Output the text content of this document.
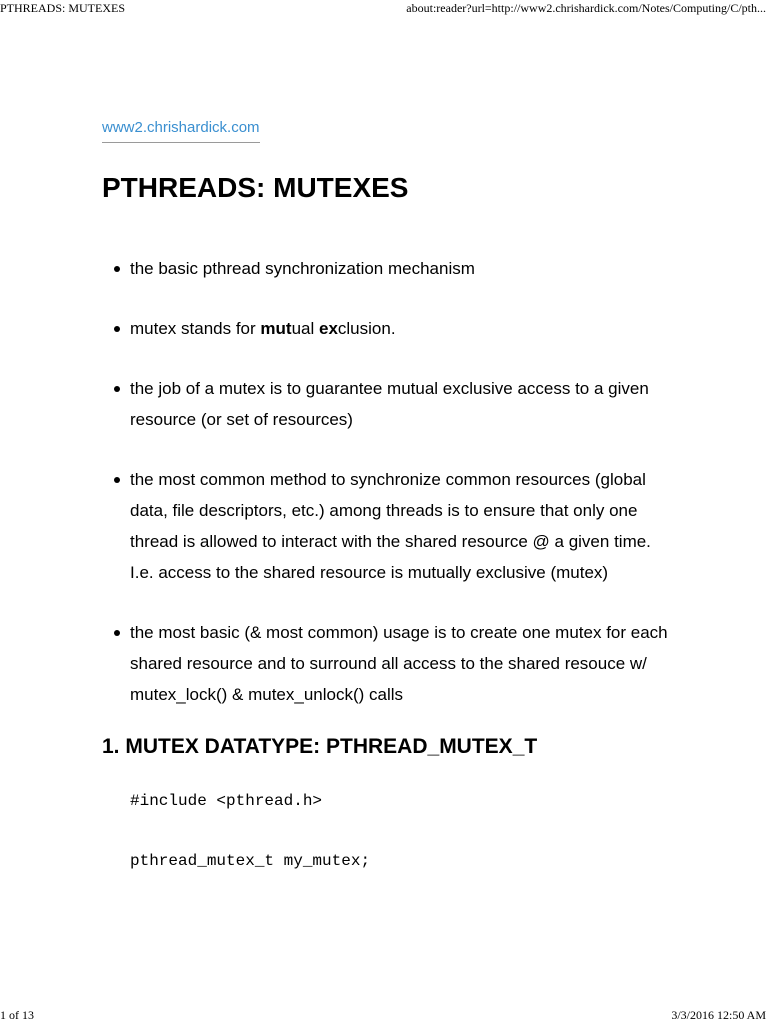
PTHREADS: MUTEXES	about:reader?url=http://www2.chrishardick.com/Notes/Computing/C/pth...
www2.chrishardick.com
PTHREADS: MUTEXES
the basic pthread synchronization mechanism
mutex stands for mutual exclusion.
the job of a mutex is to guarantee mutual exclusive access to a given resource (or set of resources)
the most common method to synchronize common resources (global data, file descriptors, etc.) among threads is to ensure that only one thread is allowed to interact with the shared resource @ a given time. I.e. access to the shared resource is mutually exclusive (mutex)
the most basic (& most common) usage is to create one mutex for each shared resource and to surround all access to the shared resouce w/ mutex_lock() & mutex_unlock() calls
1. MUTEX DATATYPE: PTHREAD_MUTEX_T
#include <pthread.h>
pthread_mutex_t my_mutex;
1 of 13	3/3/2016 12:50 AM
